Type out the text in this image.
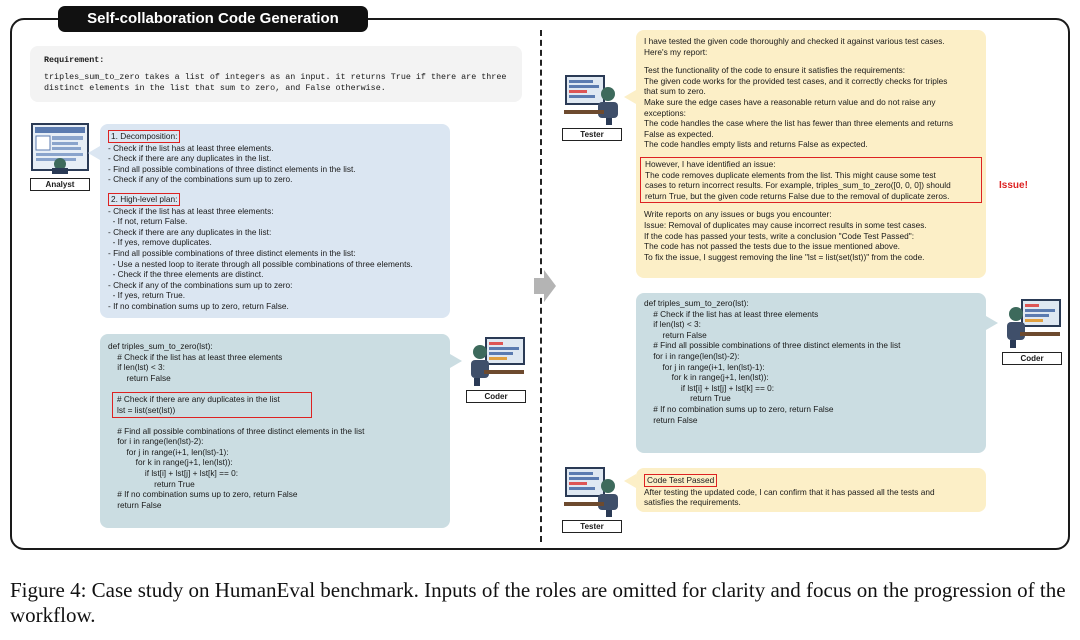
Self-collaboration Code Generation
Requirement:
triples_sum_to_zero takes a list of integers as an input. it returns True if there are three distinct elements in the list that sum to zero, and False otherwise.
Analyst
1. Decomposition:
- Check if the list has at least three elements.
- Check if there are any duplicates in the list.
- Find all possible combinations of three distinct elements in the list.
- Check if any of the combinations sum up to zero.
2. High-level plan:
- Check if the list has at least three elements:
- If not, return False.
- Check if there are any duplicates in the list:
- If yes, remove duplicates.
- Find all possible combinations of three distinct elements in the list:
- Use a nested loop to iterate through all possible combinations of three elements.
- Check if the three elements are distinct.
- Check if any of the combinations sum up to zero:
- If yes, return True.
- If no combination sums up to zero, return False.
def triples_sum_to_zero(lst):
# Check if the list has at least three elements
if len(lst) < 3:
return False
# Check if there are any duplicates in the list
lst = list(set(lst))
# Find all possible combinations of three distinct elements in the list
for i in range(len(lst)-2):
for j in range(i+1, len(lst)-1):
for k in range(j+1, len(lst)):
if lst[i] + lst[j] + lst[k] == 0:
return True
# If no combination sums up to zero, return False
return False
Coder
Tester
I have tested the given code thoroughly and checked it against various test cases.
Here's my report:
Test the functionality of the code to ensure it satisfies the requirements:
The given code works for the provided test cases, and it correctly checks for triples
that sum to zero.
Make sure the edge cases have a reasonable return value and do not raise any
exceptions:
The code handles the case where the list has fewer than three elements and returns
False as expected.
The code handles empty lists and returns False as expected.
However, I have identified an issue:
The code removes duplicate elements from the list. This might cause some test
cases to return incorrect results. For example, triples_sum_to_zero([0, 0, 0]) should
return True, but the given code returns False due to the removal of duplicate zeros.
Write reports on any issues or bugs you encounter:
Issue: Removal of duplicates may cause incorrect results in some test cases.
If the code has passed your tests, write a conclusion "Code Test Passed":
The code has not passed the tests due to the issue mentioned above.
To fix the issue, I suggest removing the line "lst = list(set(lst))" from the code.
Issue!
def triples_sum_to_zero(lst):
# Check if the list has at least three elements
if len(lst) < 3:
return False
# Find all possible combinations of three distinct elements in the list
for i in range(len(lst)-2):
for j in range(i+1, len(lst)-1):
for k in range(j+1, len(lst)):
if lst[i] + lst[j] + lst[k] == 0:
return True
# If no combination sums up to zero, return False
return False
Coder
Tester
Code Test Passed
After testing the updated code, I can confirm that it has passed all the tests and
satisfies the requirements.
Figure 4: Case study on HumanEval benchmark. Inputs of the roles are omitted for clarity and focus on the progression of the workflow.
